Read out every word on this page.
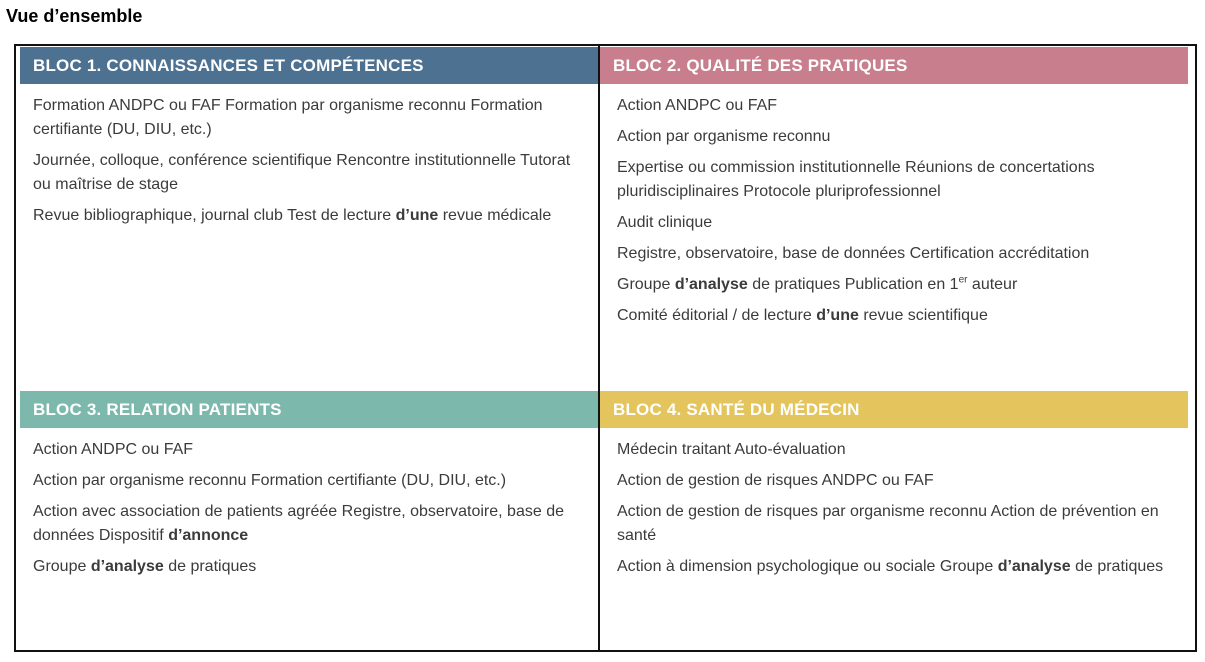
Vue d’ensemble
BLOC 1. CONNAISSANCES ET COMPÉTENCES

Formation ANDPC ou FAF Formation par organisme reconnu Formation certifiante (DU, DIU, etc.)

Journée, colloque, conférence scientifique Rencontre institutionnelle Tutorat ou maîtrise de stage

Revue bibliographique, journal club Test de lecture d’une revue médicale

BLOC 2. QUALITÉ DES PRATIQUES

Action ANDPC ou FAF

Action par organisme reconnu

Expertise ou commission institutionnelle Réunions de concertations pluridisciplinaires Protocole pluriprofessionnel

Audit clinique

Registre, observatoire, base de données Certification accréditation

Groupe d’analyse de pratiques Publication en 1er auteur

Comité éditorial / de lecture d’une revue scientifique

BLOC 3. RELATION PATIENTS

Action ANDPC ou FAF

Action par organisme reconnu Formation certifiante (DU, DIU, etc.)

Action avec association de patients agréée Registre, observatoire, base de données Dispositif d’annonce

Groupe d’analyse de pratiques

BLOC 4. SANTÉ DU MÉDECIN

Médecin traitant Auto-évaluation

Action de gestion de risques ANDPC ou FAF

Action de gestion de risques par organisme reconnu Action de prévention en santé

Action à dimension psychologique ou sociale Groupe d’analyse de pratiques
